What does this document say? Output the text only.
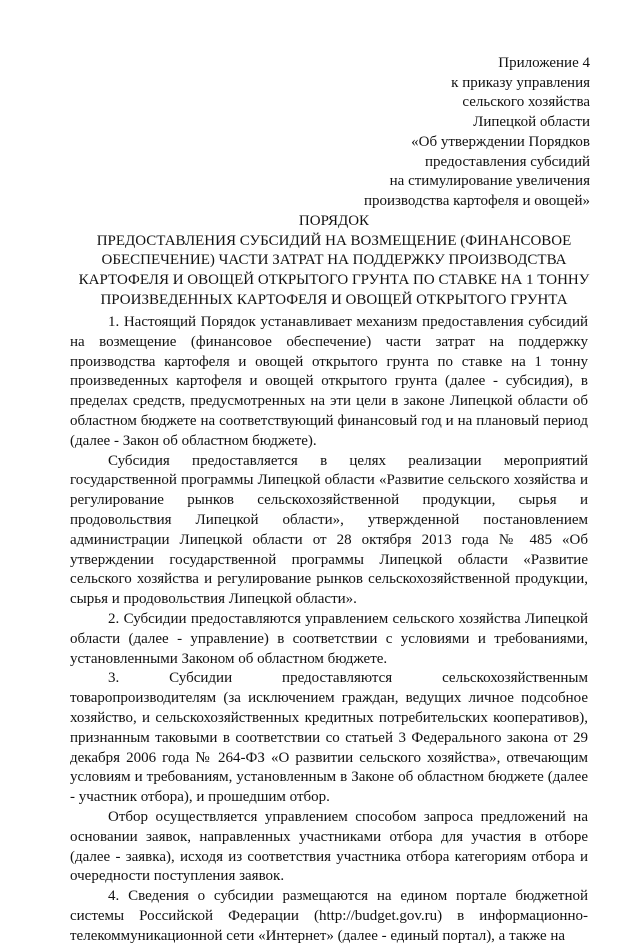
Приложение 4
к приказу управления
сельского хозяйства
Липецкой области
«Об утверждении Порядков
предоставления субсидий
на стимулирование увеличения
производства картофеля и овощей»
ПОРЯДОК
ПРЕДОСТАВЛЕНИЯ СУБСИДИЙ НА ВОЗМЕЩЕНИЕ (ФИНАНСОВОЕ
ОБЕСПЕЧЕНИЕ) ЧАСТИ ЗАТРАТ НА ПОДДЕРЖКУ ПРОИЗВОДСТВА
КАРТОФЕЛЯ И ОВОЩЕЙ ОТКРЫТОГО ГРУНТА ПО СТАВКЕ НА 1 ТОННУ
ПРОИЗВЕДЕННЫХ КАРТОФЕЛЯ И ОВОЩЕЙ ОТКРЫТОГО ГРУНТА

1. Настоящий Порядок устанавливает механизм предоставления субсидий на возмещение (финансовое обеспечение) части затрат на поддержку производства картофеля и овощей открытого грунта по ставке на 1 тонну произведенных картофеля и овощей открытого грунта (далее - субсидия), в пределах средств, предусмотренных на эти цели в законе Липецкой области об областном бюджете на соответствующий финансовый год и на плановый период (далее - Закон об областном бюджете).

Субсидия предоставляется в целях реализации мероприятий государственной программы Липецкой области «Развитие сельского хозяйства и регулирование рынков сельскохозяйственной продукции, сырья и продовольствия Липецкой области», утвержденной постановлением администрации Липецкой области от 28 октября 2013 года № 485 «Об утверждении государственной программы Липецкой области «Развитие сельского хозяйства и регулирование рынков сельскохозяйственной продукции, сырья и продовольствия Липецкой области».

2. Субсидии предоставляются управлением сельского хозяйства Липецкой области (далее - управление) в соответствии с условиями и требованиями, установленными Законом об областном бюджете.

3. Субсидии предоставляются сельскохозяйственным товаропроизводителям (за исключением граждан, ведущих личное подсобное хозяйство, и сельскохозяйственных кредитных потребительских кооперативов), признанным таковыми в соответствии со статьей 3 Федерального закона от 29 декабря 2006 года № 264-ФЗ «О развитии сельского хозяйства», отвечающим условиям и требованиям, установленным в Законе об областном бюджете (далее - участник отбора), и прошедшим отбор.

Отбор осуществляется управлением способом запроса предложений на основании заявок, направленных участниками отбора для участия в отборе (далее - заявка), исходя из соответствия участника отбора категориям отбора и очередности поступления заявок.

4. Сведения о субсидии размещаются на едином портале бюджетной системы Российской Федерации (http://budget.gov.ru) в информационно-телекоммуникационной сети «Интернет» (далее - единый портал), а также на
